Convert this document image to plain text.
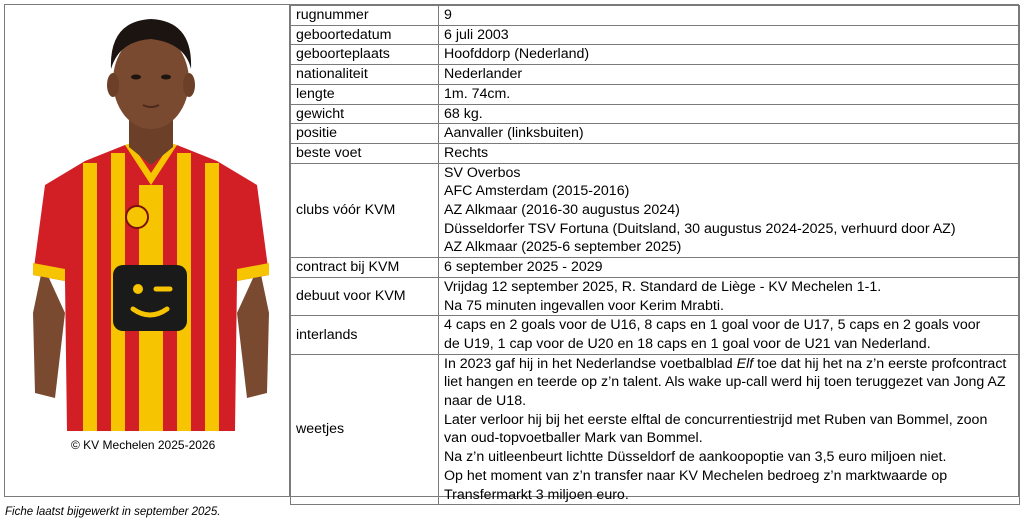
© KV Mechelen 2025-2026
rugnummer	9
geboortedatum	6 juli 2003
geboorteplaats	Hoofddorp (Nederland)
nationaliteit	Nederlander
lengte	1m. 74cm.
gewicht	68 kg.
positie	Aanvaller (linksbuiten)
beste voet	Rechts
clubs vóór KVM	SV Overbos
AFC Amsterdam (2015-2016)
AZ Alkmaar (2016-30 augustus 2024)
Düsseldorfer TSV Fortuna (Duitsland, 30 augustus 2024-2025, verhuurd door AZ)
AZ Alkmaar (2025-6 september 2025)

contract bij KVM	6 september 2025 - 2029
debuut voor KVM	Vrijdag 12 september 2025, R. Standard de Liège - KV Mechelen 1-1.
Na 75 minuten ingevallen voor Kerim Mrabti.

interlands	4 caps en 2 goals voor de U16, 8 caps en 1 goal voor de U17, 5 caps en 2 goals voor
de U19, 1 cap voor de U20 en 18 caps en 1 goal voor de U21 van Nederland.

weetjes	In 2023 gaf hij in het Nederlandse voetbalblad Elf toe dat hij het na z’n eerste profcontract liet hangen en teerde op z’n talent. Als wake up-call werd hij toen teruggezet van Jong AZ naar de U18.
Later verloor hij bij het eerste elftal de concurrentiestrijd met Ruben van Bommel, zoon van oud-topvoetballer Mark van Bommel.
Na z’n uitleenbeurt lichtte Düsseldorf de aankoopoptie van 3,5 euro miljoen niet.
Op het moment van z’n transfer naar KV Mechelen bedroeg z’n marktwaarde op Transfermarkt 3 miljoen euro.
Fiche laatst bijgewerkt in september 2025.
